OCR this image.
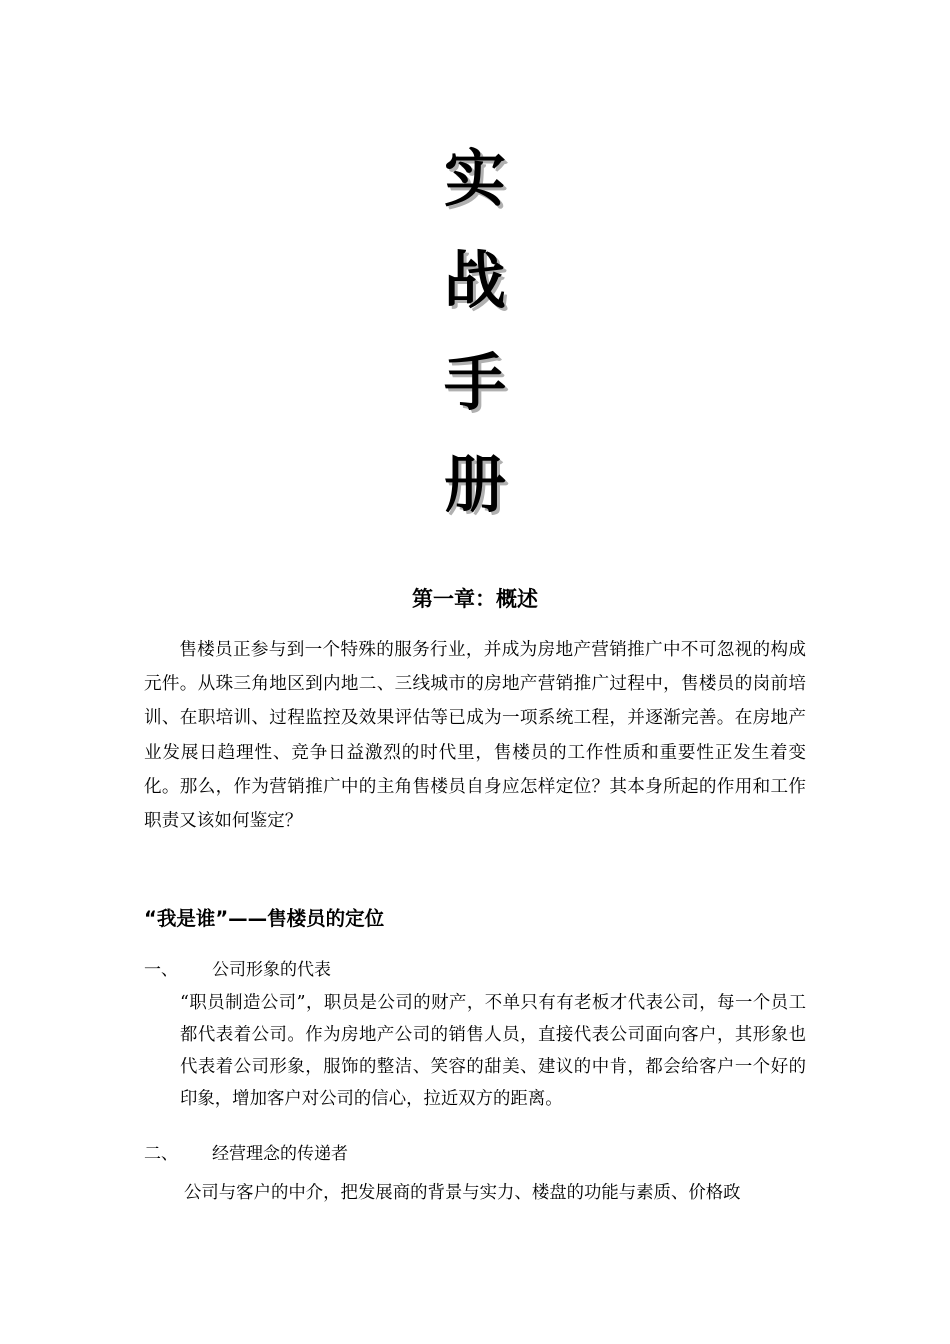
实
战
手
册
第一章：概述

售楼员正参与到一个特殊的服务行业，并成为房地产营销推广中不可忽视的构成元件。从珠三角地区到内地二、三线城市的房地产营销推广过程中，售楼员的岗前培训、在职培训、过程监控及效果评估等已成为一项系统工程，并逐渐完善。在房地产业发展日趋理性、竞争日益激烈的时代里，售楼员的工作性质和重要性正发生着变化。那么，作为营销推广中的主角售楼员自身应怎样定位？其本身所起的作用和工作职责又该如何鉴定？

“我是谁”——售楼员的定位
一、 公司形象的代表

“职员制造公司”，职员是公司的财产，不单只有有老板才代表公司，每一个员工都代表着公司。作为房地产公司的销售人员，直接代表公司面向客户，其形象也代表着公司形象，服饰的整洁、笑容的甜美、建议的中肯，都会给客户一个好的印象，增加客户对公司的信心，拉近双方的距离。

二、 经营理念的传递者

公司与客户的中介，把发展商的背景与实力、楼盘的功能与素质、价格政
